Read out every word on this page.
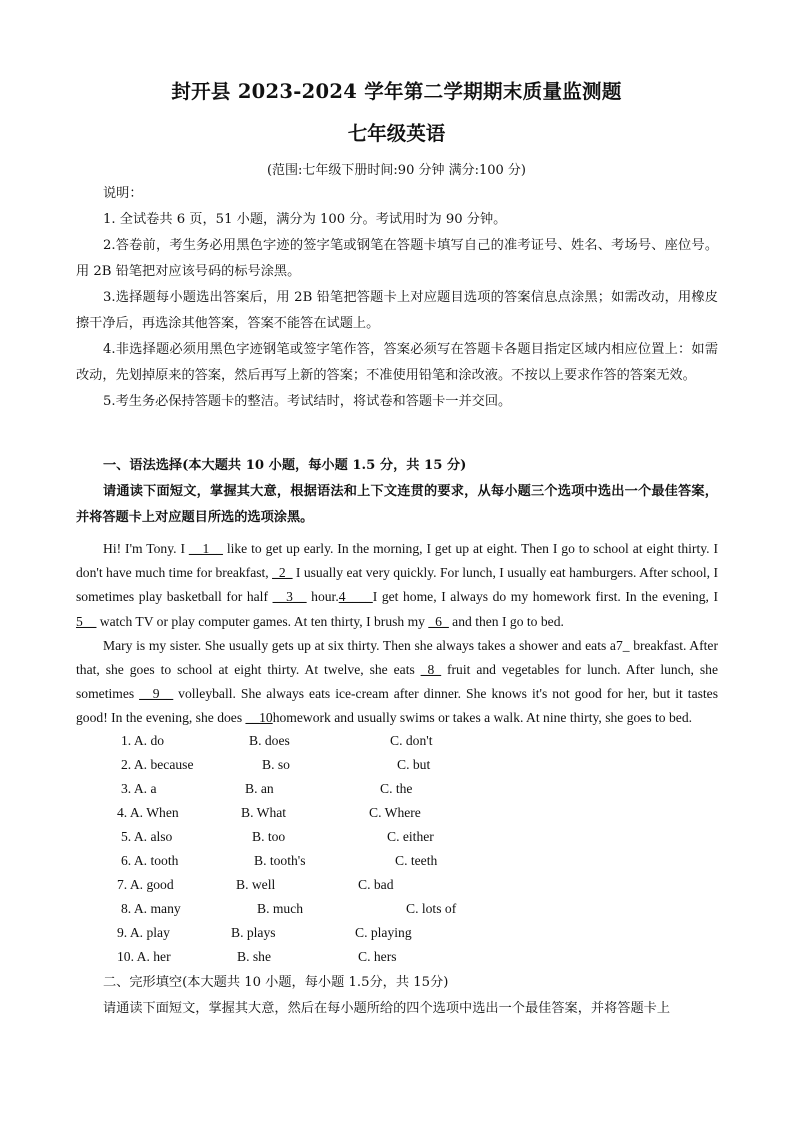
封开县 2023-2024 学年第二学期期末质量监测题
七年级英语
(范围:七年级下册时间:90 分钟 满分:100 分)

说明：

1. 全试卷共 6 页，51 小题，满分为 100 分。考试用时为 90 分钟。

2.答卷前，考生务必用黑色字迹的签字笔或钢笔在答题卡填写自己的准考证号、姓名、考场号、座位号。用 2B 铅笔把对应该号码的标号涂黑。

3.选择题每小题选出答案后，用 2B 铅笔把答题卡上对应题目选项的答案信息点涂黑；如需改动，用橡皮擦干净后，再选涂其他答案，答案不能答在试题上。

4.非选择题必须用黑色字迹钢笔或签字笔作答，答案必须写在答题卡各题目指定区域内相应位置上：如需改动，先划掉原来的答案，然后再写上新的答案；不准使用铅笔和涂改液。不按以上要求作答的答案无效。

5.考生务必保持答题卡的整洁。考试结时，将试卷和答题卡一并交回。

一、语法选择(本大题共 10 小题，每小题 1.5 分，共 15 分)

请通读下面短文，掌握其大意，根据语法和上下文连贯的要求，从每小题三个选项中选出一个最佳答案，并将答题卡上对应题目所选的选项涂黑。

Hi! I'm Tony. I __1__ like to get up early. In the morning, I get up at eight. Then I go to school at eight thirty. I don't have much time for breakfast, _2_ I usually eat very quickly. For lunch, I usually eat hamburgers. After school, I sometimes play basketball for half __3__ hour.4____I get home, I always do my homework first. In the evening, I 5__ watch TV or play computer games. At ten thirty, I brush my _6_ and then I go to bed.

Mary is my sister. She usually gets up at six thirty. Then she always takes a shower and eats a7_ breakfast. After that, she goes to school at eight thirty. At twelve, she eats _8_ fruit and vegetables for lunch. After lunch, she sometimes __9__ volleyball. She always eats ice-cream after dinner. She knows it's not good for her, but it tastes good! In the evening, she does __10homework and usually swims or takes a walk. At nine thirty, she goes to bed.

1. A. do	B. does	C. don't
2. A. because	B. so	C. but
3. A. a	B. an	C. the
4. A. When	B. What	C. Where
5. A. also	B. too	C. either
6. A. tooth	B. tooth's	C. teeth
7. A. good	B. well	C. bad
8. A. many	B. much	C. lots of
9. A. play	B. plays	C. playing
10. A. her	B. she	C. hers

二、完形填空(本大题共 10 小题，每小题 1.5分，共 15分)

请通读下面短文，掌握其大意，然后在每小题所给的四个选项中选出一个最佳答案，并将答题卡上
